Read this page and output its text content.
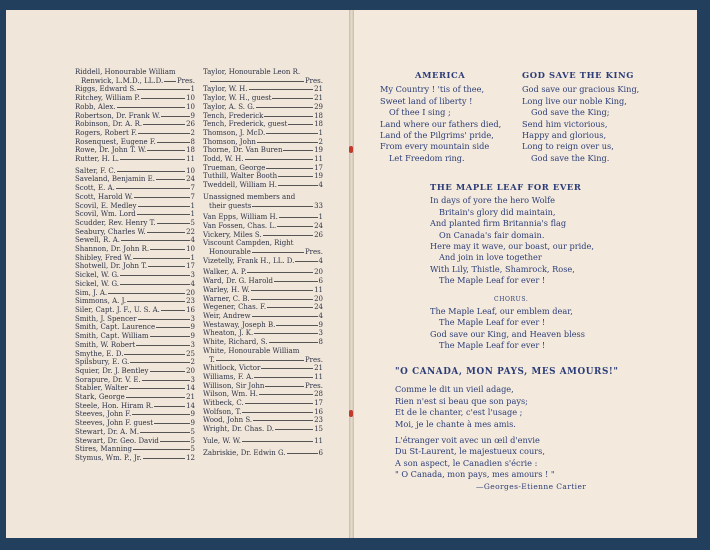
Riddell, Honourable William
Renwick, L.M.D., LL.D. Pres.
Riggs, Edward S.	1
Ritchey, William P.	10
Robb, Alex.	10
Robertson, Dr. Frank W.	9
Robinson, Dr. A. R.	26
Rogers, Robert F.	2
Rosenquest, Eugene F.	8
Rowe, Dr. John T. W.	18
Rutter, H. L.	11
Salter, F. C.	10
Saveland, Benjamin E.	24
Scott, E. A.	7
Scott, Harold W.	7
Scovil, E. Medley	1
Scovil, Wm. Lord	1
Scudder, Rev. Henry T.	5
Seabury, Charles W.	22
Sewell, R. A.	4
Shannon, Dr. John R.	10
Shibley, Fred W.	1
Shotwell, Dr. John T.	17
Sickel, W. G.	3
Sickel, W. G.	4
Sim, J. A.	20
Simmons, A. J.	23
Siler, Capt. J. F., U. S. A.	16
Smith, J. Spencer	3
Smith, Capt. Laurence	9
Smith, Capt. William	9
Smith, W. Robert	3
Smythe, E. D.	25
Spilsbury, E. G.	2
Squier, Dr. J. Bentley	20
Sorapure, Dr. V. E.	3
Stabler, Walter	14
Stark, George	21
Steele, Hon. Hiram R.	14
Steeves, John F.	9
Steeves, John F. guest	9
Stewart, Dr. A. M.	5
Stewart, Dr. Geo. David	5
Stires, Manning	5
Stymus, Wm. P., Jr.	12
Taylor, Honourable Leon R.
Pres.
Taylor, W. H.	21
Taylor, W. H., guest	21
Taylor, A. S. G.	29
Tench, Frederick	18
Tench, Frederick, guest	18
Thomson, J. McD.	1
Thomson, John	2
Thorne, Dr. Van Buren	19
Todd, W. H.	11
Trueman, George	17
Tuthill, Walter Booth	19
Tweddell, William H.	4
Unassigned members and
their guests	33
Van Epps, William H.	1
Van Fossen, Chas. L.	24
Vickery, Miles S.	26
Viscount Campden, Right
Honourable	Pres.
Vizetelly, Frank H., LL. D.	4
Walker, A. P.	20
Ward, Dr. G. Harold	6
Warley, H. W.	11
Warner, C. B.	20
Wegener, Chas. F.	24
Weir, Andrew	4
Westaway, Joseph B.	9
Wheaton, J. K.	3
White, Richard, S.	8
White, Honourable William
T.	Pres.
Whitlock, Victor	21
Williams, F. A.	11
Willison, Sir John	Pres.
Wilson, Wm. H.	28
Witbeck, C.	17
Wolfson, T.	16
Wood, John S.	23
Wright, Dr. Chas. D.	15
Yule, W. W.	11
Zabriskie, Dr. Edwin G.	6
AMERICA
My Country ! 'tis of thee,
Sweet land of liberty !
Of thee I sing ;
Land where our fathers died,
Land of the Pilgrims' pride,
From every mountain side
Let Freedom ring.
GOD SAVE THE KING
God save our gracious King,
Long live our noble King,
God save the King;
Send him victorious,
Happy and glorious,
Long to reign over us,
God save the King.
THE MAPLE LEAF FOR EVER
In days of yore the hero Wolfe
Britain's glory did maintain,
And planted firm Britannia's flag
On Canada's fair domain.
Here may it wave, our boast, our pride,
And join in love together
With Lily, Thistle, Shamrock, Rose,
The Maple Leaf for ever !
CHORUS.
The Maple Leaf, our emblem dear,
The Maple Leaf for ever !
God save our King, and Heaven bless
The Maple Leaf for ever !
"O CANADA, MON PAYS, MES AMOURS!"
Comme le dit un vieil adage,
Rien n'est si beau que son pays;
Et de le chanter, c'est l'usage ;
Moi, je le chante à mes amis.
L'étranger voit avec un œil d'envie
Du St-Laurent, le majestueux cours,
A son aspect, le Canadien s'écrie :
" O Canada, mon pays, mes amours ! "
—Georges-Etienne Cartier
